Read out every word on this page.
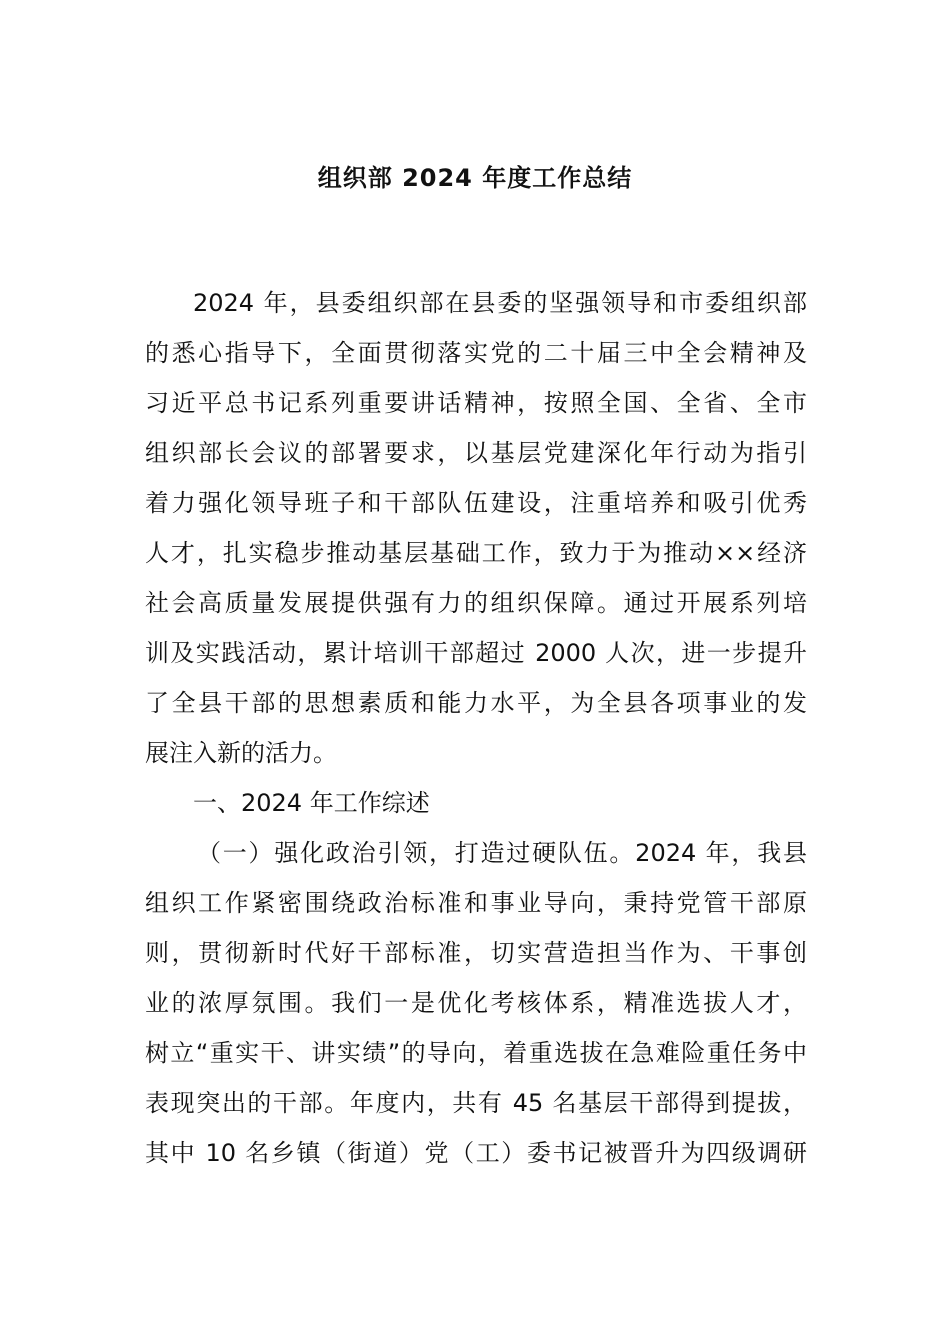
组织部 2024 年度工作总结
2024 年，县委组织部在县委的坚强领导和市委组织部
的悉心指导下，全面贯彻落实党的二十届三中全会精神及
习近平总书记系列重要讲话精神，按照全国、全省、全市
组织部长会议的部署要求，以基层党建深化年行动为指引
着力强化领导班子和干部队伍建设，注重培养和吸引优秀
人才，扎实稳步推动基层基础工作，致力于为推动××经济
社会高质量发展提供强有力的组织保障。通过开展系列培
训及实践活动，累计培训干部超过 2000 人次，进一步提升
了全县干部的思想素质和能力水平，为全县各项事业的发
展注入新的活力。
一、2024 年工作综述
（一）强化政治引领，打造过硬队伍。2024 年，我县
组织工作紧密围绕政治标准和事业导向，秉持党管干部原
则，贯彻新时代好干部标准，切实营造担当作为、干事创
业的浓厚氛围。我们一是优化考核体系，精准选拔人才，
树立“重实干、讲实绩”的导向，着重选拔在急难险重任务中
表现突出的干部。年度内，共有 45 名基层干部得到提拔，
其中 10 名乡镇（街道）党（工）委书记被晋升为四级调研
